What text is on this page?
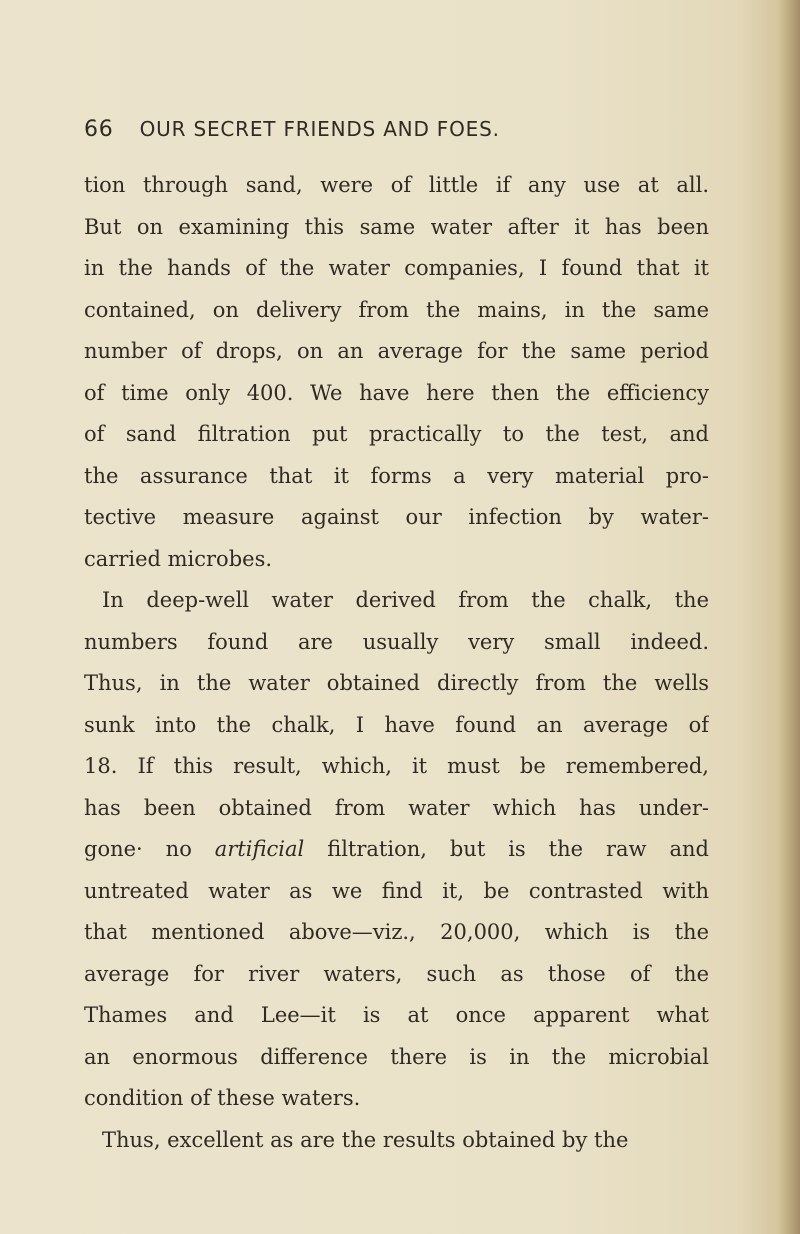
66 OUR SECRET FRIENDS AND FOES.
tion through sand, were of little if any use at all.
But on examining this same water after it has been
in the hands of the water companies, I found that it
contained, on delivery from the mains, in the same
number of drops, on an average for the same period
of time only 400. We have here then the efficiency
of sand filtration put practically to the test, and
the assurance that it forms a very material pro-
tective measure against our infection by water-
carried microbes.
In deep-well water derived from the chalk, the
numbers found are usually very small indeed.
Thus, in the water obtained directly from the wells
sunk into the chalk, I have found an average of
18. If this result, which, it must be remembered,
has been obtained from water which has under-
gone· no artificial filtration, but is the raw and
untreated water as we find it, be contrasted with
that mentioned above—viz., 20,000, which is the
average for river waters, such as those of the
Thames and Lee—it is at once apparent what
an enormous difference there is in the microbial
condition of these waters.
Thus, excellent as are the results obtained by the
